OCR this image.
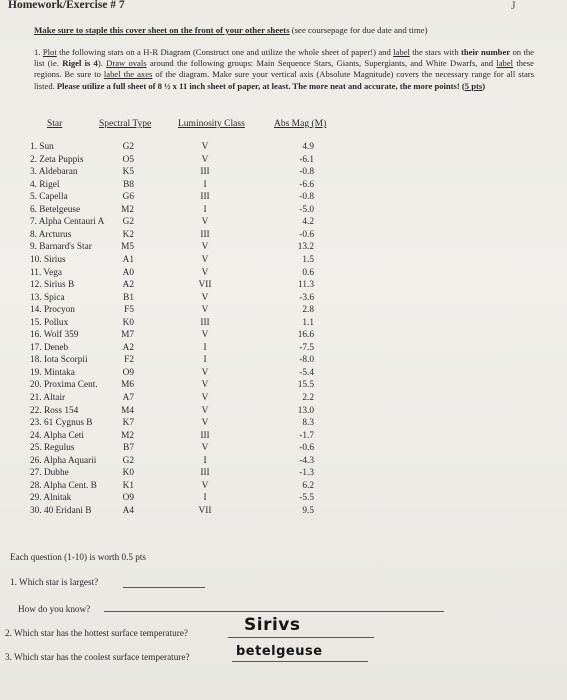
Homework/Exercise # 7	J
Make sure to staple this cover sheet on the front of your other sheets (see coursepage for due date and time)
1. Plot the following stars on a H-R Diagram (Construct one and utilize the whole sheet of paper!) and label the stars with their number on the list (ie. Rigel is 4). Draw ovals around the following groups: Main Sequence Stars, Giants, Supergiants, and White Dwarfs, and label these regions. Be sure to label the axes of the diagram. Make sure your vertical axis (Absolute Magnitude) covers the necessary range for all stars listed. Please utilize a full sheet of 8 ½ x 11 inch sheet of paper, at least. The more neat and accurate, the more points! (5 pts)
Star	Spectral Type	Luminosity Class	Abs Mag (M)
1. Sun	G2	V	4.9
2. Zeta Puppis	O5	V	-6.1
3. Aldebaran	K5	III	-0.8
4. Rigel	B8	I	-6.6
5. Capella	G6	III	-0.8
6. Betelgeuse	M2	I	-5.0
7. Alpha Centauri A	G2	V	4.2
8. Arcturus	K2	III	-0.6
9. Barnard's Star	M5	V	13.2
10. Sirius	A1	V	1.5
11. Vega	A0	V	0.6
12. Sirius B	A2	VII	11.3
13. Spica	B1	V	-3.6
14. Procyon	F5	V	2.8
15. Pollux	K0	III	1.1
16. Wolf 359	M7	V	16.6
17. Deneb	A2	I	-7.5
18. Iota Scorpii	F2	I	-8.0
19. Mintaka	O9	V	-5.4
20. Proxima Cent.	M6	V	15.5
21. Altair	A7	V	2.2
22. Ross 154	M4	V	13.0
23. 61 Cygnus B	K7	V	8.3
24. Alpha Ceti	M2	III	-1.7
25. Regulus	B7	V	-0.6
26. Alpha Aquarii	G2	I	-4.3
27. Dubhe	K0	III	-1.3
28. Alpha Cent. B	K1	V	6.2
29. Alnitak	O9	I	-5.5
30. 40 Eridani B	A4	VII	9.5
Each question (1-10) is worth 0.5 pts
1. Which star is largest?
How do you know?
2. Which star has the hottest surface temperature?	Sirivs
3. Which star has the coolest surface temperature?	betelgeuse
